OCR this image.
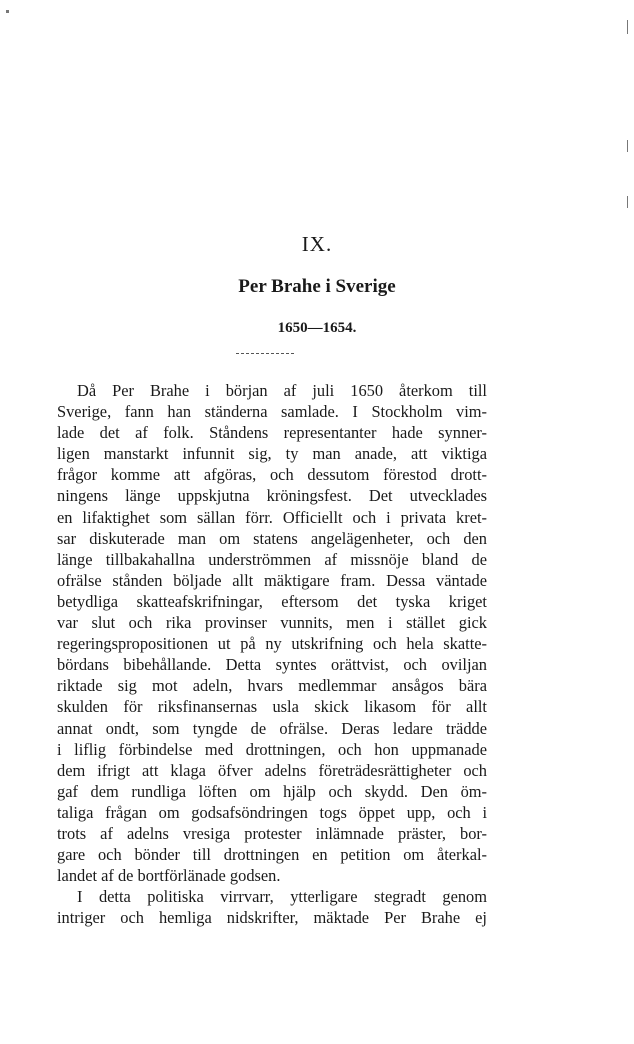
IX.
Per Brahe i Sverige
1650—1654.
Då Per Brahe i början af juli 1650 återkom till
Sverige, fann han ständerna samlade. I Stockholm vim-
lade det af folk. Ståndens representanter hade synner-
ligen manstarkt infunnit sig, ty man anade, att viktiga
frågor komme att afgöras, och dessutom förestod drott-
ningens länge uppskjutna kröningsfest. Det utvecklades
en lifaktighet som sällan förr. Officiellt och i privata kret-
sar diskuterade man om statens angelägenheter, och den
länge tillbakahallna underströmmen af missnöje bland de
ofrälse stånden böljade allt mäktigare fram. Dessa väntade
betydliga skatteafskrifningar, eftersom det tyska kriget
var slut och rika provinser vunnits, men i stället gick
regeringspropositionen ut på ny utskrifning och hela skatte-
bördans bibehållande. Detta syntes orättvist, och oviljan
riktade sig mot adeln, hvars medlemmar ansågos bära
skulden för riksfinansernas usla skick likasom för allt
annat ondt, som tyngde de ofrälse. Deras ledare trädde
i liflig förbindelse med drottningen, och hon uppmanade
dem ifrigt att klaga öfver adelns företrädesrättigheter och
gaf dem rundliga löften om hjälp och skydd. Den öm-
taliga frågan om godsafsöndringen togs öppet upp, och i
trots af adelns vresiga protester inlämnade präster, bor-
gare och bönder till drottningen en petition om återkal-
landet af de bortförlänade godsen.
I detta politiska virrvarr, ytterligare stegradt genom
intriger och hemliga nidskrifter, mäktade Per Brahe ej
